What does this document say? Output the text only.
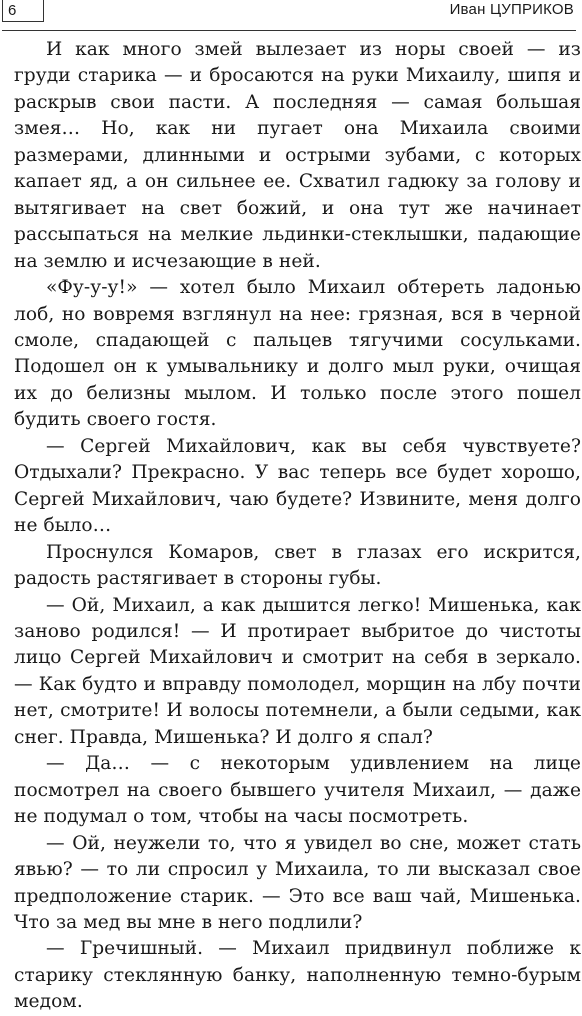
6	Иван ЦУПРИКОВ

И как много змей вылезает из норы своей — из груди старика — и бросаются на руки Михаилу, шипя и раскрыв свои пасти. А последняя — самая большая змея… Но, как ни пугает она Михаила своими размерами, длинными и острыми зубами, с которых капает яд, а он сильнее ее. Схватил гадюку за голову и вытягивает на свет божий, и она тут же начинает рассыпаться на мелкие льдинки-стеклышки, падающие на землю и исчезающие в ней.

«Фу-у-у!» — хотел было Михаил обтереть ладонью лоб, но вовремя взглянул на нее: грязная, вся в черной смоле, спадающей с пальцев тягучими сосульками. Подошел он к умывальнику и долго мыл руки, очищая их до белизны мылом. И только после этого пошел будить своего гостя.

— Сергей Михайлович, как вы себя чувствуете? Отдыхали? Прекрасно. У вас теперь все будет хорошо, Сергей Михайлович, чаю будете? Извините, меня долго не было…

Проснулся Комаров, свет в глазах его искрится, радость растягивает в стороны губы.

— Ой, Михаил, а как дышится легко! Мишенька, как заново родился! — И протирает выбритое до чистоты лицо Сергей Михайлович и смотрит на себя в зеркало. — Как будто и вправду помолодел, морщин на лбу почти нет, смотрите! И волосы потемнели, а были седыми, как снег. Правда, Мишенька? И долго я спал?

— Да… — с некоторым удивлением на лице посмотрел на своего бывшего учителя Михаил, — даже не подумал о том, чтобы на часы посмотреть.

— Ой, неужели то, что я увидел во сне, может стать явью? — то ли спросил у Михаила, то ли высказал свое предположение старик. — Это все ваш чай, Мишенька. Что за мед вы мне в него подлили?

— Гречишный. — Михаил придвинул поближе к старику стеклянную банку, наполненную темно-бурым медом.
